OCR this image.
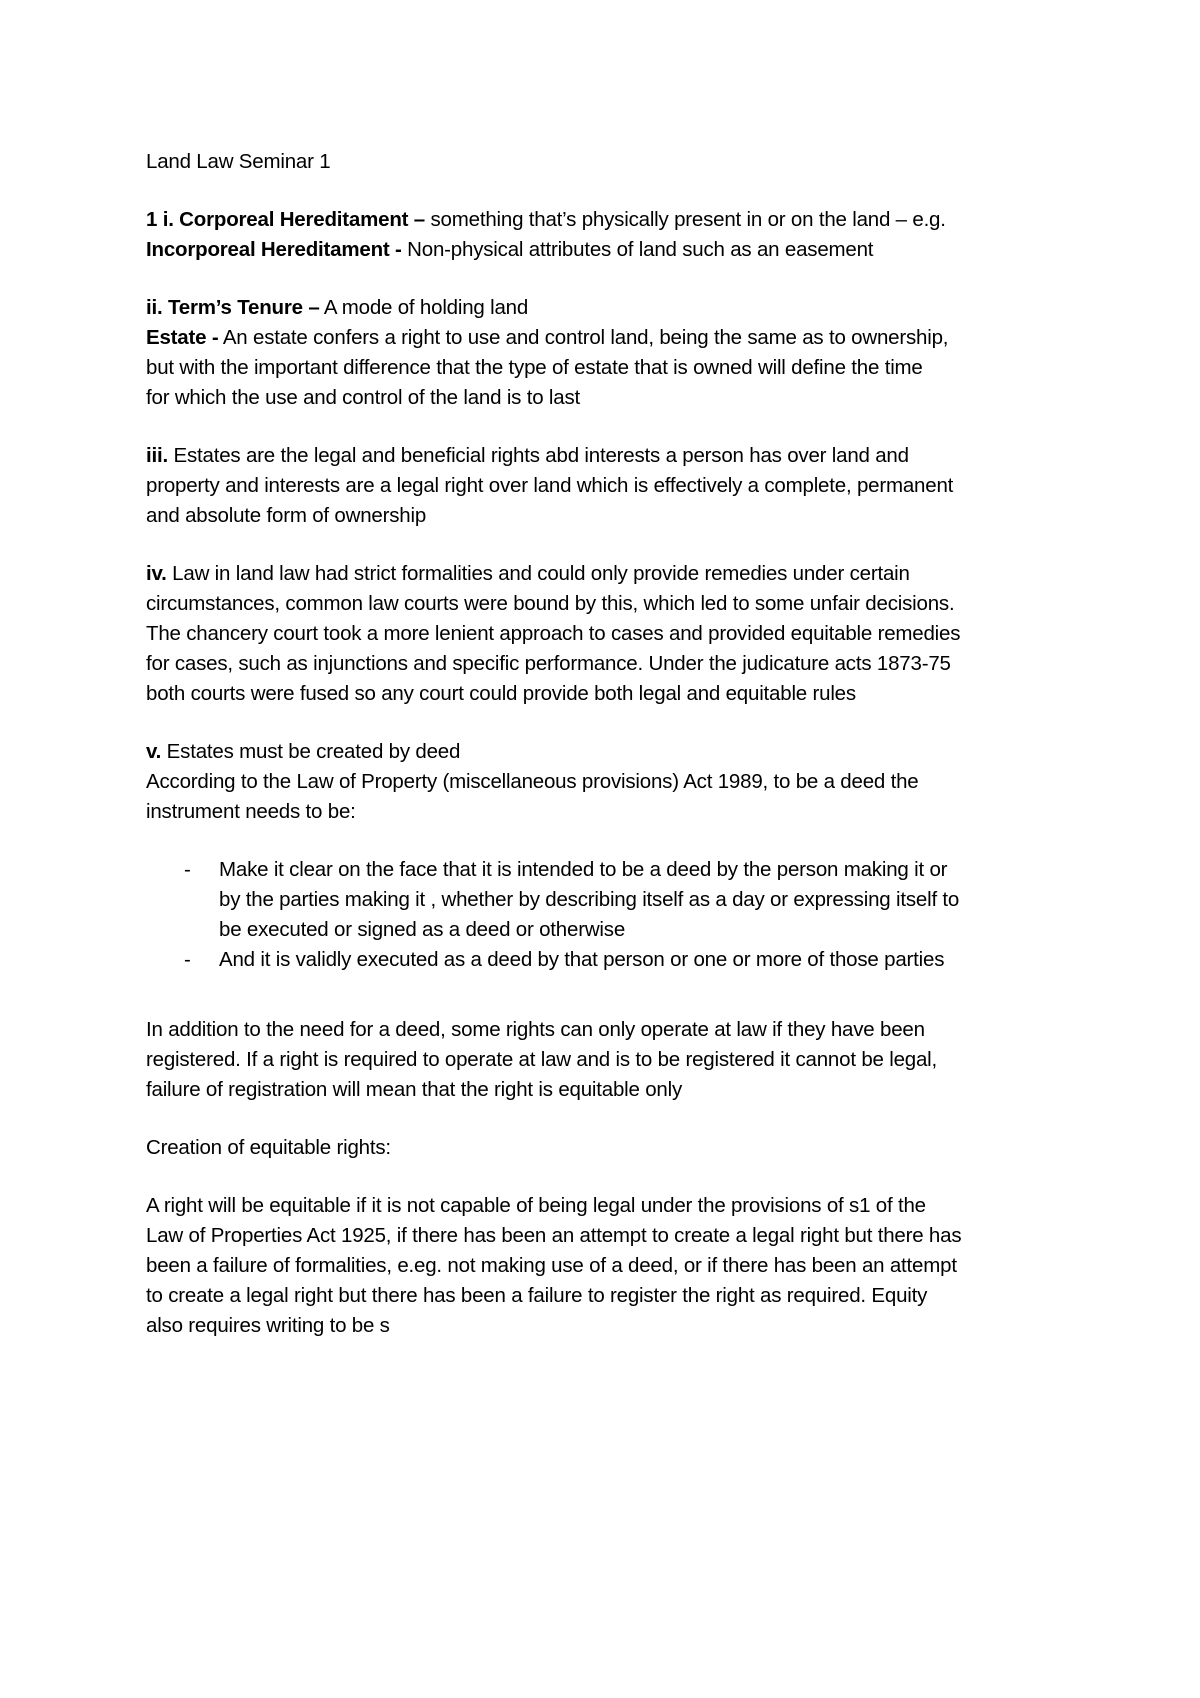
Land Law Seminar 1
1 i. Corporeal Hereditament – something that’s physically present in or on the land – e.g.
Incorporeal Hereditament - Non-physical attributes of land such as an easement
ii. Term’s Tenure – A mode of holding land
Estate - An estate confers a right to use and control land, being the same as to ownership,
but with the important difference that the type of estate that is owned will define the time
for which the use and control of the land is to last
iii. Estates are the legal and beneficial rights abd interests a person has over land and
property and interests are a legal right over land which is effectively a complete, permanent
and absolute form of ownership
iv. Law in land law had strict formalities and could only provide remedies under certain
circumstances, common law courts were bound by this, which led to some unfair decisions.
The chancery court took a more lenient approach to cases and provided equitable remedies
for cases, such as injunctions and specific performance. Under the judicature acts 1873-75
both courts were fused so any court could provide both legal and equitable rules
v. Estates must be created by deed
According to the Law of Property (miscellaneous provisions) Act 1989, to be a deed the
instrument needs to be:
- Make it clear on the face that it is intended to be a deed by the person making it or
by the parties making it , whether by describing itself as a day or expressing itself to
be executed or signed as a deed or otherwise
- And it is validly executed as a deed by that person or one or more of those parties
In addition to the need for a deed, some rights can only operate at law if they have been
registered. If a right is required to operate at law and is to be registered it cannot be legal,
failure of registration will mean that the right is equitable only
Creation of equitable rights:
A right will be equitable if it is not capable of being legal under the provisions of s1 of the
Law of Properties Act 1925, if there has been an attempt to create a legal right but there has
been a failure of formalities, e.eg. not making use of a deed, or if there has been an attempt
to create a legal right but there has been a failure to register the right as required. Equity
also requires writing to be s
